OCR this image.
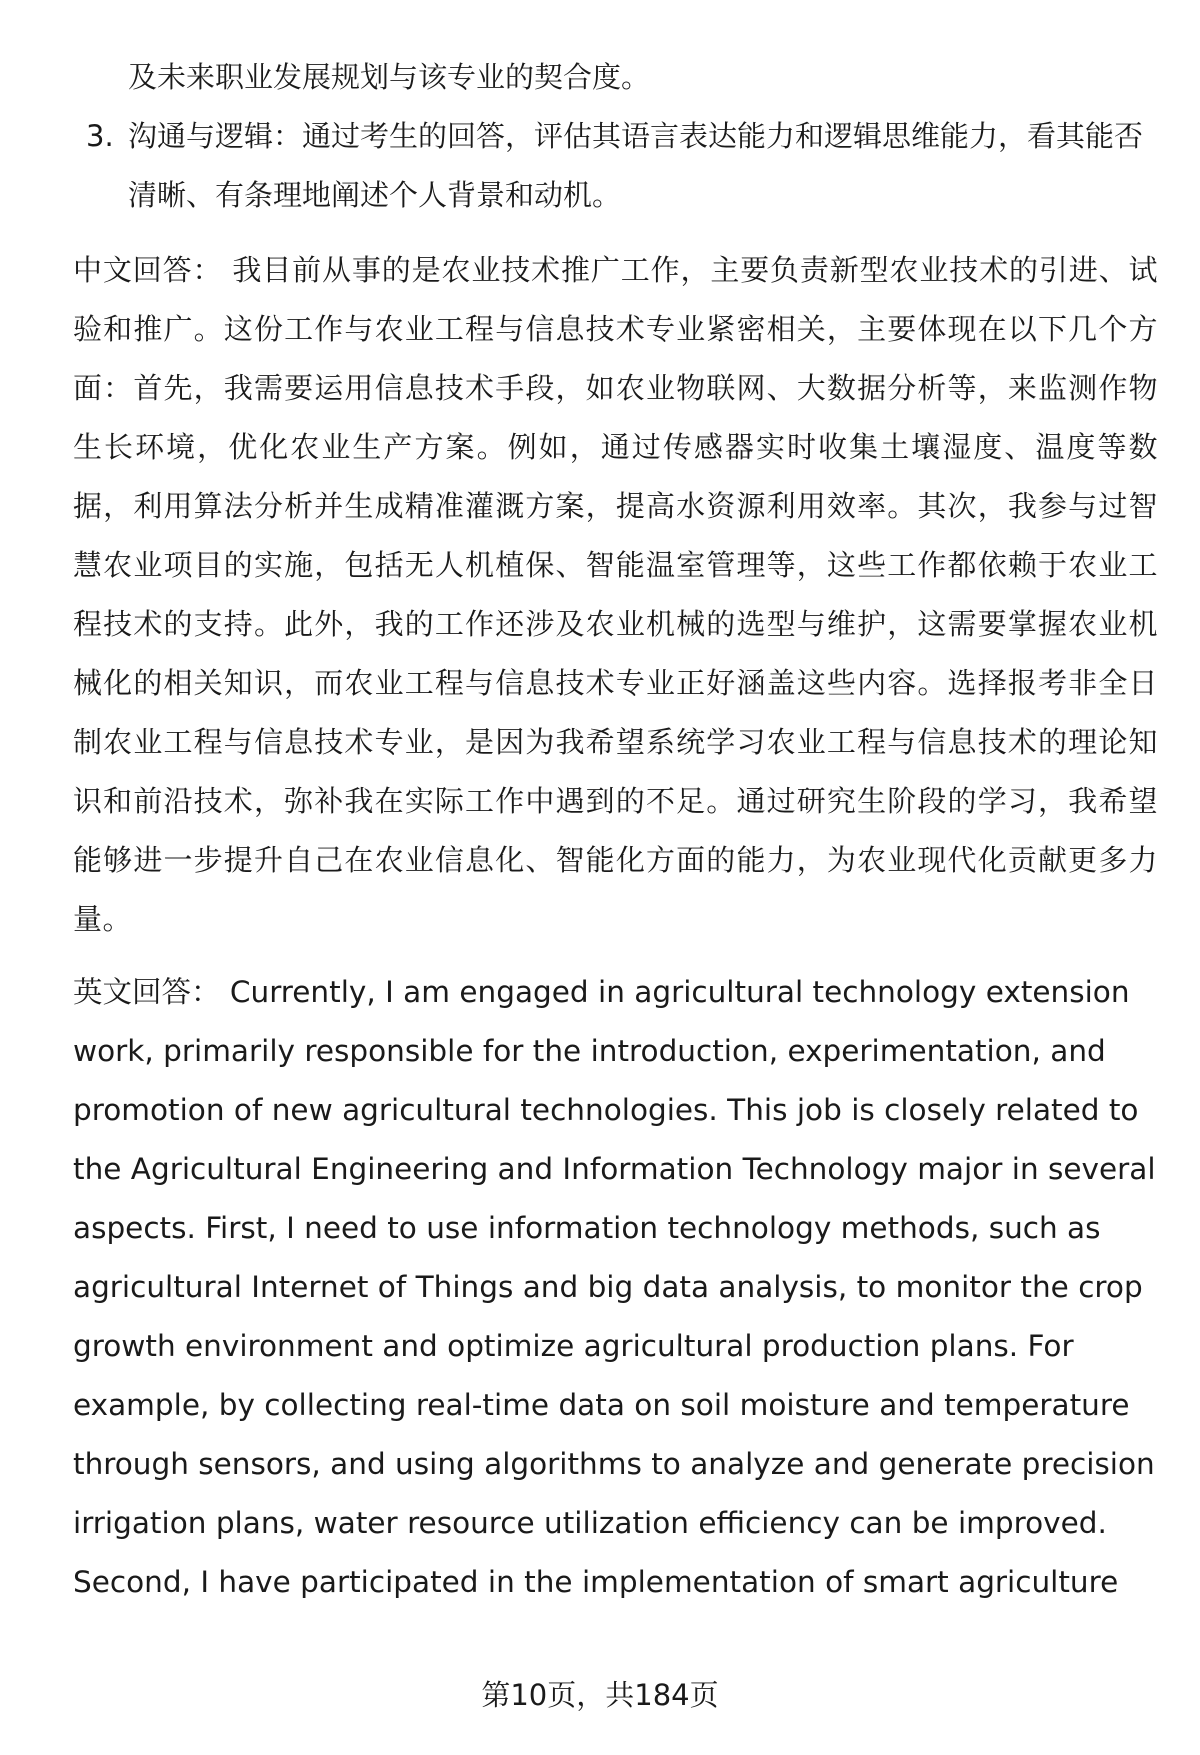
及未来职业发展规划与该专业的契合度。

3. 沟通与逻辑：通过考生的回答，评估其语言表达能力和逻辑思维能力，看其能否清晰、有条理地阐述个人背景和动机。

中文回答： 我目前从事的是农业技术推广工作，主要负责新型农业技术的引进、试验和推广。这份工作与农业工程与信息技术专业紧密相关，主要体现在以下几个方面：首先，我需要运用信息技术手段，如农业物联网、大数据分析等，来监测作物生长环境，优化农业生产方案。例如，通过传感器实时收集土壤湿度、温度等数据，利用算法分析并生成精准灌溉方案，提高水资源利用效率。其次，我参与过智慧农业项目的实施，包括无人机植保、智能温室管理等，这些工作都依赖于农业工程技术的支持。此外，我的工作还涉及农业机械的选型与维护，这需要掌握农业机械化的相关知识，而农业工程与信息技术专业正好涵盖这些内容。选择报考非全日制农业工程与信息技术专业，是因为我希望系统学习农业工程与信息技术的理论知识和前沿技术，弥补我在实际工作中遇到的不足。通过研究生阶段的学习，我希望能够进一步提升自己在农业信息化、智能化方面的能力，为农业现代化贡献更多力量。

英文回答： Currently, I am engaged in agricultural technology extension work, primarily responsible for the introduction, experimentation, and promotion of new agricultural technologies. This job is closely related to the Agricultural Engineering and Information Technology major in several aspects. First, I need to use information technology methods, such as agricultural Internet of Things and big data analysis, to monitor the crop growth environment and optimize agricultural production plans. For example, by collecting real-time data on soil moisture and temperature through sensors, and using algorithms to analyze and generate precision irrigation plans, water resource utilization efficiency can be improved. Second, I have participated in the implementation of smart agriculture

第10页，共184页
